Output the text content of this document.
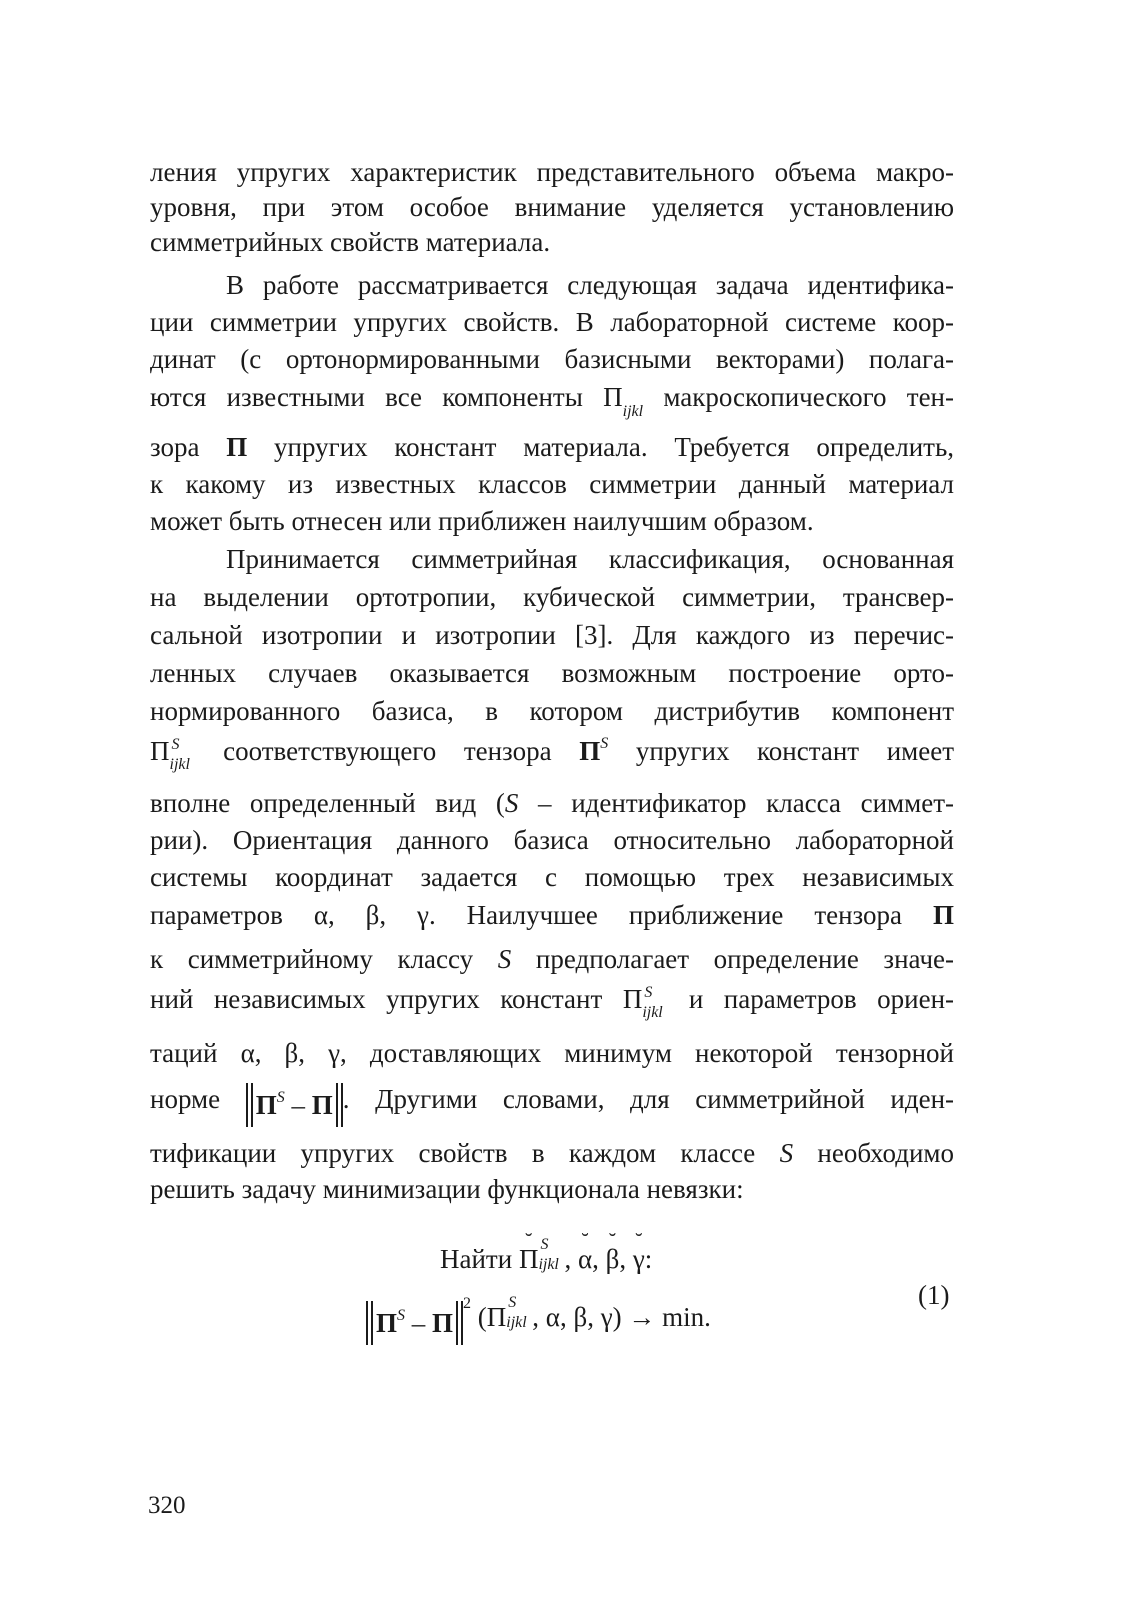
ления упругих характеристик представительного объема макро-
уровня, при этом особое внимание уделяется установлению
симметрийных свойств материала.
В работе рассматривается следующая задача идентифика-
ции симметрии упругих свойств. В лабораторной системе коор-
динат (с ортонормированными базисными векторами) полага-
ются известными все компоненты $\Pi_{ijkl}$ макроскопического тен-
зора П упругих констант материала. Требуется определить,
к какому из известных классов симметрии данный материал
может быть отнесен или приближен наилучшим образом.
Принимается симметрийная классификация, основанная
на выделении ортотропии, кубической симметрии, трансвер-
сальной изотропии и изотропии [3]. Для каждого из перечис-
ленных случаев оказывается возможным построение орто-
нормированного базиса, в котором дистрибутив компонент
Π S
ijkl соответствующего тензора $П^S$ упругих констант имеет
вполне определенный вид (S – идентификатор класса симмет-
рии). Ориентация данного базиса относительно лабораторной
системы координат задается с помощью трех независимых
параметров α, β, γ. Наилучшее приближение тензора П
к симметрийному классу S предполагает определение значе-
ний независимых упругих констант Π S
ijkl и параметров ориен-
таций α, β, γ, доставляющих минимум некоторой тензорной
норме $П^S$ – П . Другими словами, для симметрийной иден-
тификации упругих свойств в каждом классе S необходимо
решить задачу минимизации функционала невязки:
Найти ˘ Π S
ijkl , ˘ α, ˘ β, ˘ γ:
$П^S - П^2$ (Π S
ijkl , α, β, γ) → min.
(1)
320
